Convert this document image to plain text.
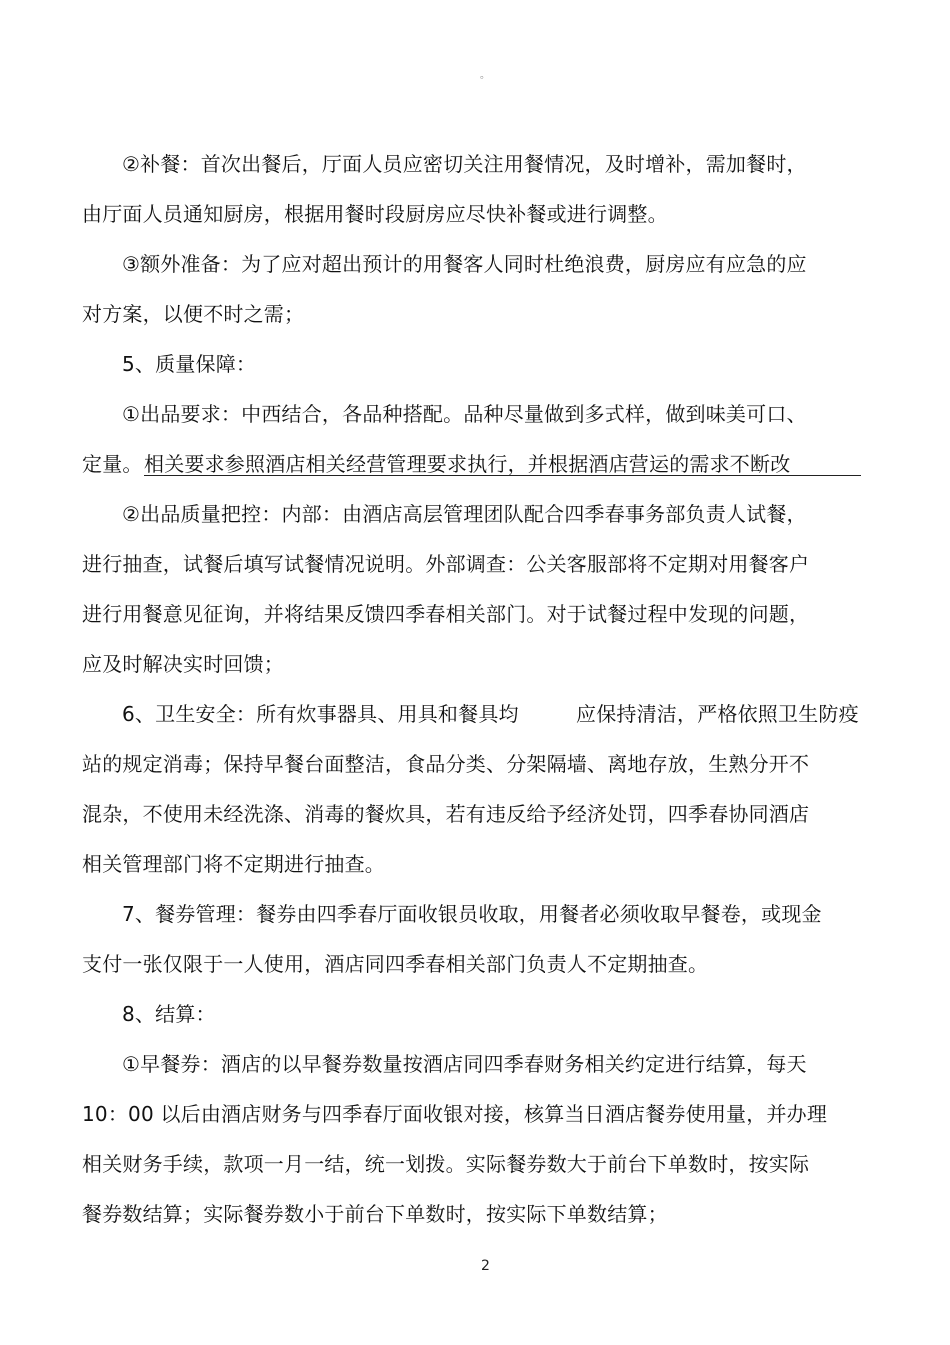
。
②补餐：首次出餐后，厅面人员应密切关注用餐情况，及时增补，需加餐时，
由厅面人员通知厨房，根据用餐时段厨房应尽快补餐或进行调整。
③额外准备：为了应对超出预计的用餐客人同时杜绝浪费，厨房应有应急的应
对方案，以便不时之需；
5、质量保障：
①出品要求：中西结合，各品种搭配。品种尽量做到多式样，做到味美可口、
定量。 相关要求参照酒店相关经营管理要求执行，并根据酒店营运的需求不断改
②出品质量把控：内部：由酒店高层管理团队配合四季春事务部负责人试餐，
进行抽查，试餐后填写试餐情况说明。外部调查：公关客服部将不定期对用餐客户
进行用餐意见征询，并将结果反馈四季春相关部门。对于试餐过程中发现的问题，
应及时解决实时回馈；
6、卫生安全：所有炊事器具、用具和餐具均	应保持清洁，严格依照卫生防疫
站的规定消毒；保持早餐台面整洁，食品分类、分架隔墙、离地存放，生熟分开不
混杂，不使用未经洗涤、消毒的餐炊具，若有违反给予经济处罚，四季春协同酒店
相关管理部门将不定期进行抽查。
7、餐券管理：餐券由四季春厅面收银员收取，用餐者必须收取早餐卷，或现金
支付一张仅限于一人使用，酒店同四季春相关部门负责人不定期抽查。
8、结算：
①早餐券：酒店的以早餐券数量按酒店同四季春财务相关约定进行结算，每天
10：00 以后由酒店财务与四季春厅面收银对接，核算当日酒店餐券使用量，并办理
相关财务手续，款项一月一结，统一划拨。实际餐券数大于前台下单数时，按实际
餐券数结算；实际餐券数小于前台下单数时，按实际下单数结算；
2
